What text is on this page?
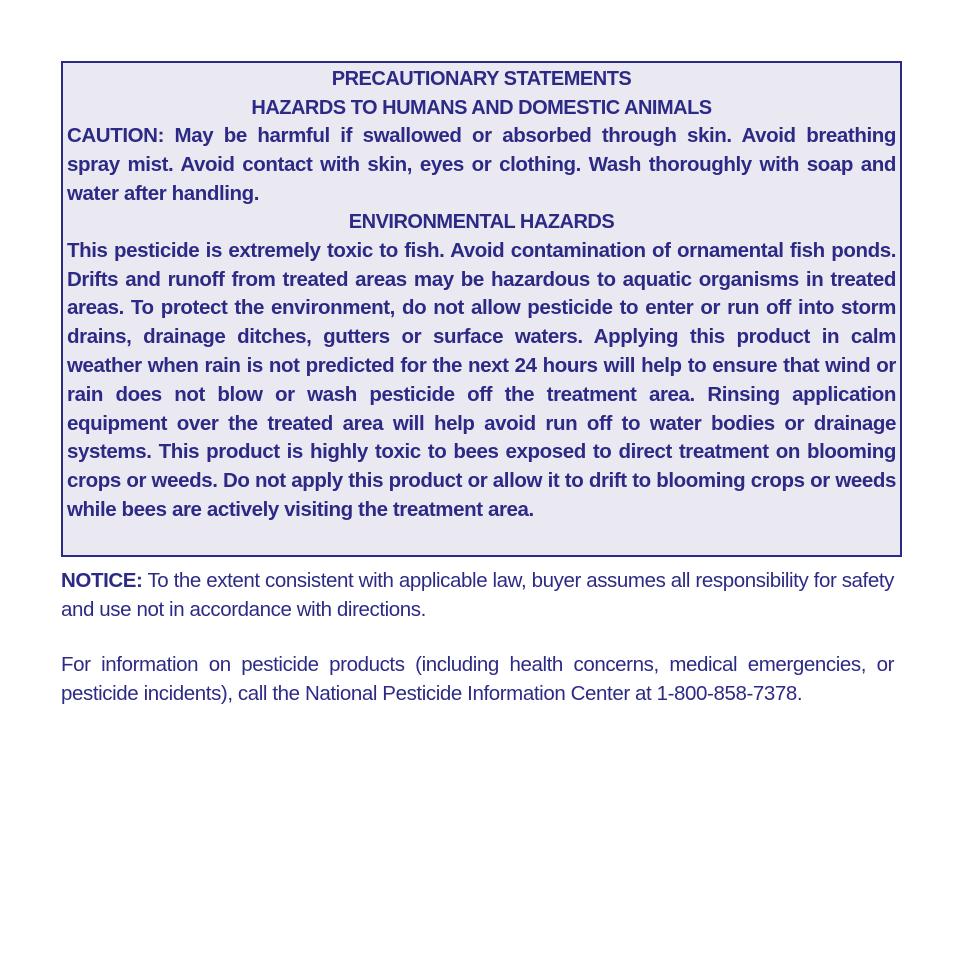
PRECAUTIONARY STATEMENTS

HAZARDS TO HUMANS AND DOMESTIC ANIMALS

CAUTION: May be harmful if swallowed or absorbed through skin. Avoid breathing spray mist. Avoid contact with skin, eyes or clothing. Wash thoroughly with soap and water after handling.

ENVIRONMENTAL HAZARDS

This pesticide is extremely toxic to fish. Avoid contamination of ornamental fish ponds. Drifts and runoff from treated areas may be hazardous to aquatic organisms in treated areas. To protect the environment, do not allow pesticide to enter or run off into storm drains, drainage ditches, gutters or surface waters. Applying this product in calm weather when rain is not predicted for the next 24 hours will help to ensure that wind or rain does not blow or wash pesticide off the treatment area. Rinsing application equipment over the treated area will help avoid run off to water bodies or drainage systems. This product is highly toxic to bees exposed to direct treatment on blooming crops or weeds. Do not apply this product or allow it to drift to blooming crops or weeds while bees are actively visiting the treatment area.

NOTICE: To the extent consistent with applicable law, buyer assumes all responsibility for safety and use not in accordance with directions.

For information on pesticide products (including health concerns, medical emergencies, or pesticide incidents), call the National Pesticide Information Center at 1-800-858-7378.
